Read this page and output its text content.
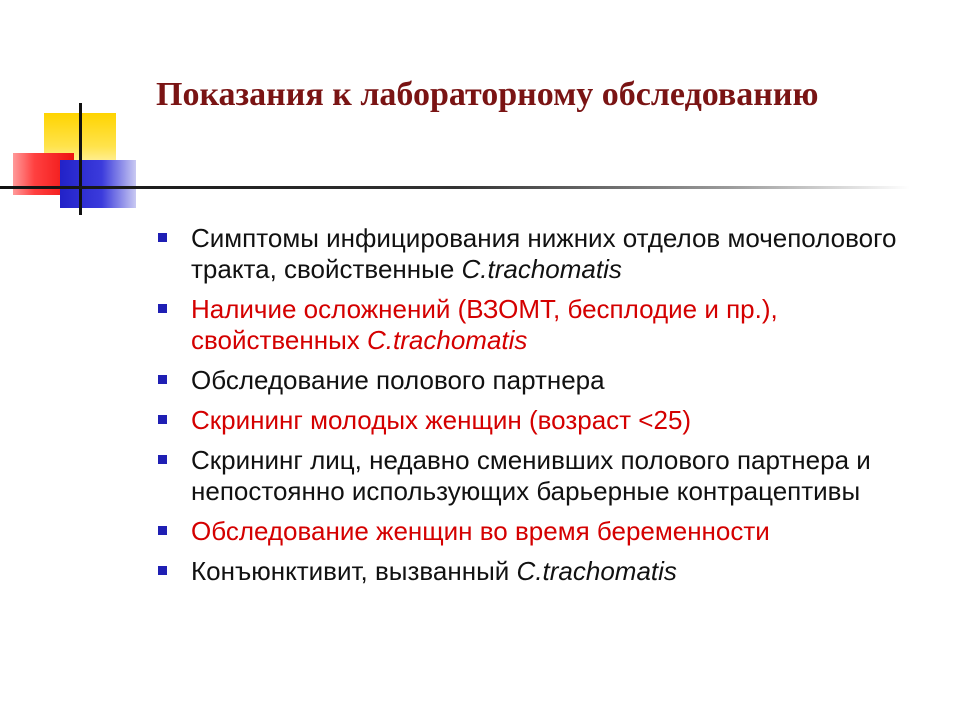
Показания к лабораторному обследованию
Симптомы инфицирования нижних отделов мочеполового тракта, свойственные C.trachomatis
Наличие осложнений (ВЗОМТ, бесплодие и пр.), свойственных C.trachomatis
Обследование полового партнера
Скрининг молодых женщин (возраст <25)
Скрининг лиц, недавно сменивших полового партнера и непостоянно использующих барьерные контрацептивы
Обследование женщин во время беременности
Конъюнктивит, вызванный C.trachomatis
